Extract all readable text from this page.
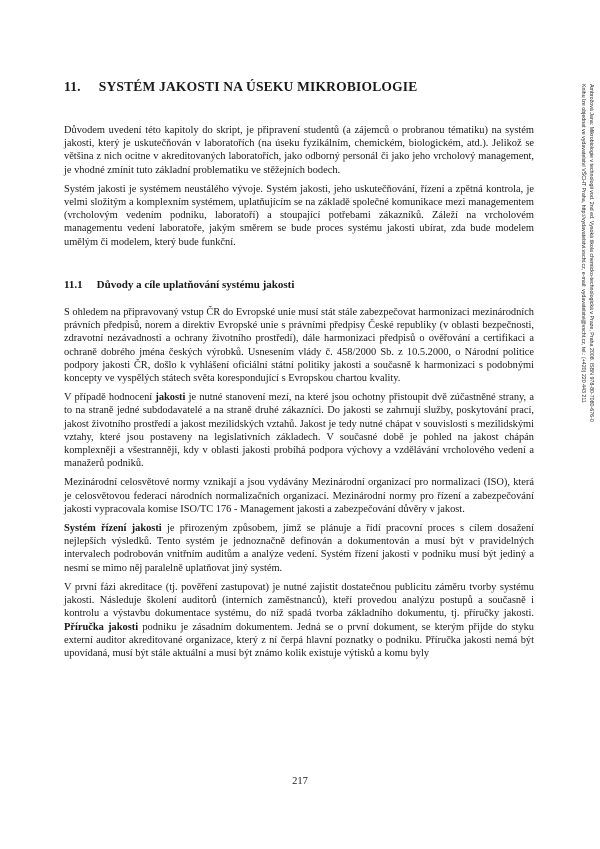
Ambrožová Jana: Mikrobiologie v technologii vod. 2nd ed. Vysoká škola chemicko-technologická v Praze, Praha 2008. ISBN 978-80-7080-676-0
Knihu lze objednat ve vydavatelství VŠCHT Praha, http://vydavatelstvi.vscht.cz, e-mail: vydavatelstvi@vscht.cz, tel.: (+420) 220 443 211
11. SYSTÉM JAKOSTI NA ÚSEKU MIKROBIOLOGIE

Důvodem uvedení této kapitoly do skript, je připravení studentů (a zájemců o probranou tématiku) na systém jakosti, který je uskutečňován v laboratořích (na úseku fyzikálním, chemickém, biologickém, atd.). Jelikož se většina z nich ocitne v akreditovaných laboratořích, jako odborný personál či jako jeho vrcholový management, je vhodné zmínit tuto základní problematiku ve stěžejních bodech.

Systém jakosti je systémem neustálého vývoje. Systém jakosti, jeho uskutečňování, řízení a zpětná kontrola, je velmi složitým a komplexním systémem, uplatňujícím se na základě společné komunikace mezi managementem (vrcholovým vedením podniku, laboratoří) a stoupající potřebami zákazníků. Záleží na vrcholovém managementu vedení laboratoře, jakým směrem se bude proces systému jakosti ubírat, zda bude modelem umělým či modelem, který bude funkční.

11.1 Důvody a cíle uplatňování systému jakosti

S ohledem na připravovaný vstup ČR do Evropské unie musí stát stále zabezpečovat harmonizaci mezinárodních právních předpisů, norem a direktiv Evropské unie s právními předpisy České republiky (v oblasti bezpečnosti, zdravotní nezávadnosti a ochrany životního prostředí), dále harmonizaci předpisů o ověřování a certifikaci a ochraně dobrého jména českých výrobků. Usnesením vlády č. 458/2000 Sb. z 10.5.2000, o Národní politice podpory jakosti ČR, došlo k vyhlášení oficiální státní politiky jakosti a současně k harmonizaci s podobnými koncepty ve vyspělých státech světa korespondující s Evropskou chartou kvality.

V případě hodnocení jakosti je nutné stanovení mezí, na které jsou ochotny přistoupit dvě zúčastněné strany, a to na straně jedné subdodavatelé a na straně druhé zákazníci. Do jakosti se zahrnují služby, poskytování prací, jakost životního prostředí a jakost mezilidských vztahů. Jakost je tedy nutné chápat v souvislosti s mezilidskými vztahy, které jsou postaveny na legislativních základech. V současné době je pohled na jakost chápán komplexněji a všestranněji, kdy v oblasti jakosti probíhá podpora výchovy a vzdělávání vrcholového vedení a manažerů podniků.

Mezinárodní celosvětové normy vznikají a jsou vydávány Mezinárodní organizací pro normalizaci (ISO), která je celosvětovou federací národních normalizačních organizací. Mezinárodní normy pro řízení a zabezpečování jakosti vypracovala komise ISO/TC 176 - Management jakosti a zabezpečování důvěry v jakost.

Systém řízení jakosti je přirozeným způsobem, jímž se plánuje a řídí pracovní proces s cílem dosažení nejlepších výsledků. Tento systém je jednoznačně definován a dokumentován a musí být v pravidelných intervalech podrobován vnitřním auditům a analýze vedení. Systém řízení jakosti v podniku musí být jediný a nesmí se mimo něj paralelně uplatňovat jiný systém.

V první fázi akreditace (tj. pověření zastupovat) je nutné zajistit dostatečnou publicitu záměru tvorby systému jakosti. Následuje školení auditorů (interních zaměstnanců), kteří provedou analýzu postupů a současně i kontrolu a výstavbu dokumentace systému, do níž spadá tvorba základního dokumentu, tj. příručky jakosti. Příručka jakosti podniku je zásadním dokumentem. Jedná se o první dokument, se kterým přijde do styku externí auditor akreditované organizace, který z ní čerpá hlavní poznatky o podniku. Příručka jakosti nemá být upovídaná, musí být stále aktuální a musí být známo kolik existuje výtisků a komu byly

217
